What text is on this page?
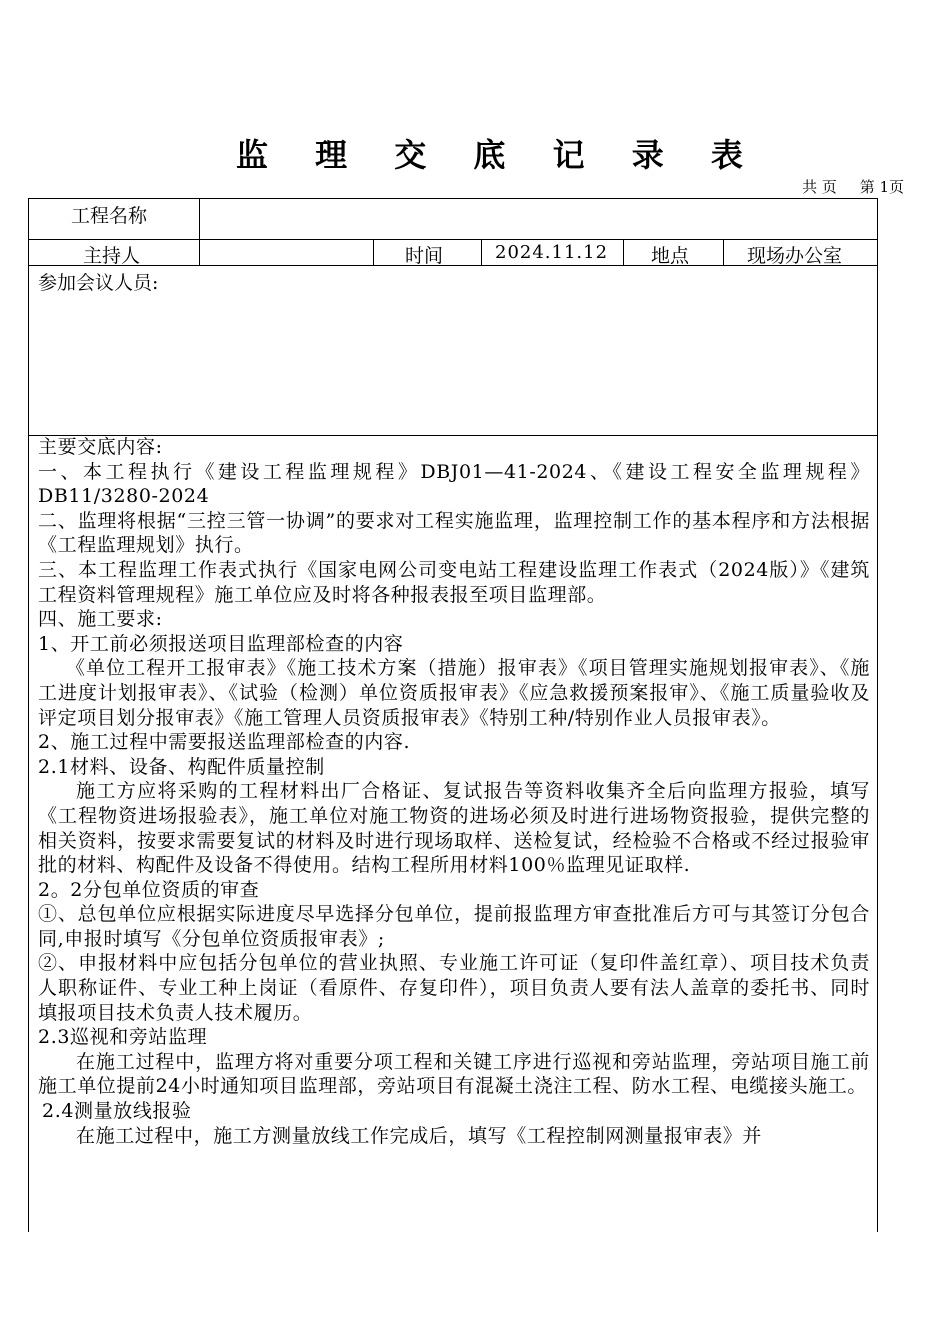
监 理 交 底 记 录 表
共 页 第 1页
工程名称
主持人	时间	2024.11.12 地点	现场办公室
参加会议人员:

主要交底内容:

一、本工程执行《建设工程监理规程》DBJ01—41-2024、《建设工程安全监理规程》DB11/3280-2024

二、监理将根据“三控三管一协调”的要求对工程实施监理，监理控制工作的基本程序和方法根据《工程监理规划》执行。

三、本工程监理工作表式执行《国家电网公司变电站工程建设监理工作表式（2024版）》《建筑工程资料管理规程》施工单位应及时将各种报表报至项目监理部。

四、施工要求:

1、开工前必须报送项目监理部检查的内容

《单位工程开工报审表》《施工技术方案（措施）报审表》《项目管理实施规划报审表》、《施工进度计划报审表》、《试验（检测）单位资质报审表》《应急救援预案报审》、《施工质量验收及评定项目划分报审表》《施工管理人员资质报审表》《特别工种/特别作业人员报审表》。

2、施工过程中需要报送监理部检查的内容.

2.1材料、设备、构配件质量控制

施工方应将采购的工程材料出厂合格证、复试报告等资料收集齐全后向监理方报验，填写《工程物资进场报验表》，施工单位对施工物资的进场必须及时进行进场物资报验，提供完整的相关资料，按要求需要复试的材料及时进行现场取样、送检复试，经检验不合格或不经过报验审批的材料、构配件及设备不得使用。结构工程所用材料100％监理见证取样.

2。2分包单位资质的审查

①、总包单位应根据实际进度尽早选择分包单位，提前报监理方审查批准后方可与其签订分包合同,申报时填写《分包单位资质报审表》;

②、申报材料中应包括分包单位的营业执照、专业施工许可证（复印件盖红章）、项目技术负责人职称证件、专业工种上岗证（看原件、存复印件），项目负责人要有法人盖章的委托书、同时填报项目技术负责人技术履历。

2.3巡视和旁站监理

在施工过程中，监理方将对重要分项工程和关键工序进行巡视和旁站监理，旁站项目施工前施工单位提前24小时通知项目监理部，旁站项目有混凝土浇注工程、防水工程、电缆接头施工。

2.4测量放线报验

在施工过程中，施工方测量放线工作完成后，填写《工程控制网测量报审表》并
